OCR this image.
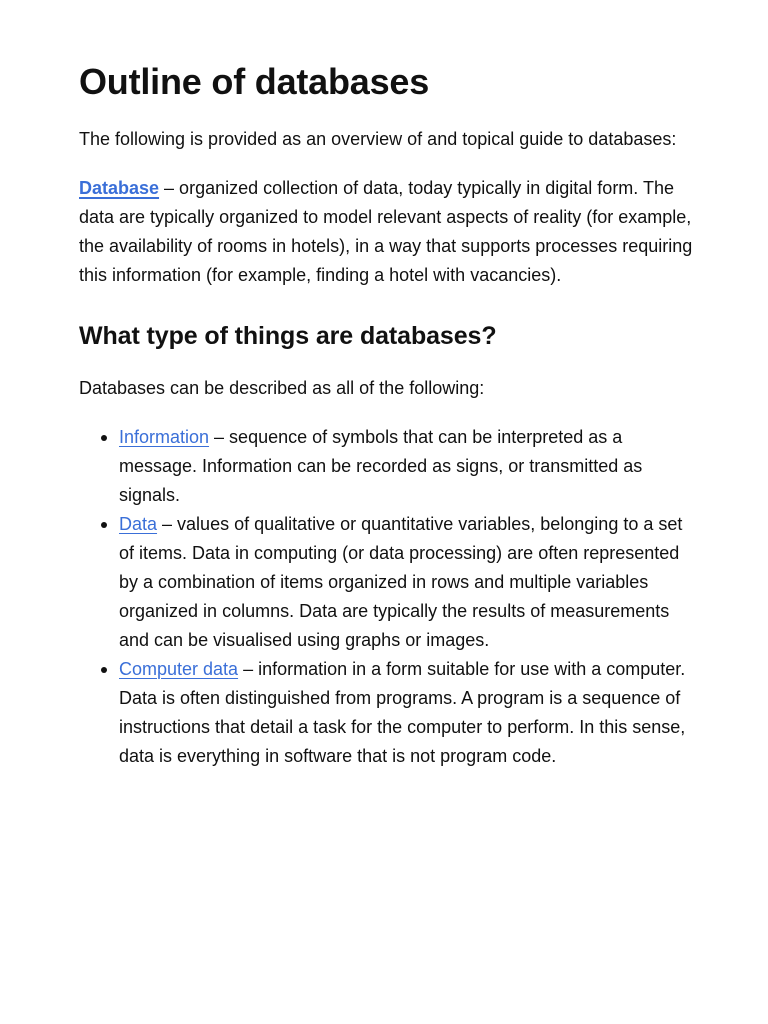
Outline of databases

The following is provided as an overview of and topical guide to databases:

Database – organized collection of data, today typically in digital form. The data are typically organized to model relevant aspects of reality (for example, the availability of rooms in hotels), in a way that supports processes requiring this information (for example, finding a hotel with vacancies).

What type of things are databases?

Databases can be described as all of the following:

Information – sequence of symbols that can be interpreted as a message. Information can be recorded as signs, or transmitted as signals.
Data – values of qualitative or quantitative variables, belonging to a set of items. Data in computing (or data processing) are often represented by a combination of items organized in rows and multiple variables organized in columns. Data are typically the results of measurements and can be visualised using graphs or images.
Computer data – information in a form suitable for use with a computer. Data is often distinguished from programs. A program is a sequence of instructions that detail a task for the computer to perform. In this sense, data is everything in software that is not program code.
